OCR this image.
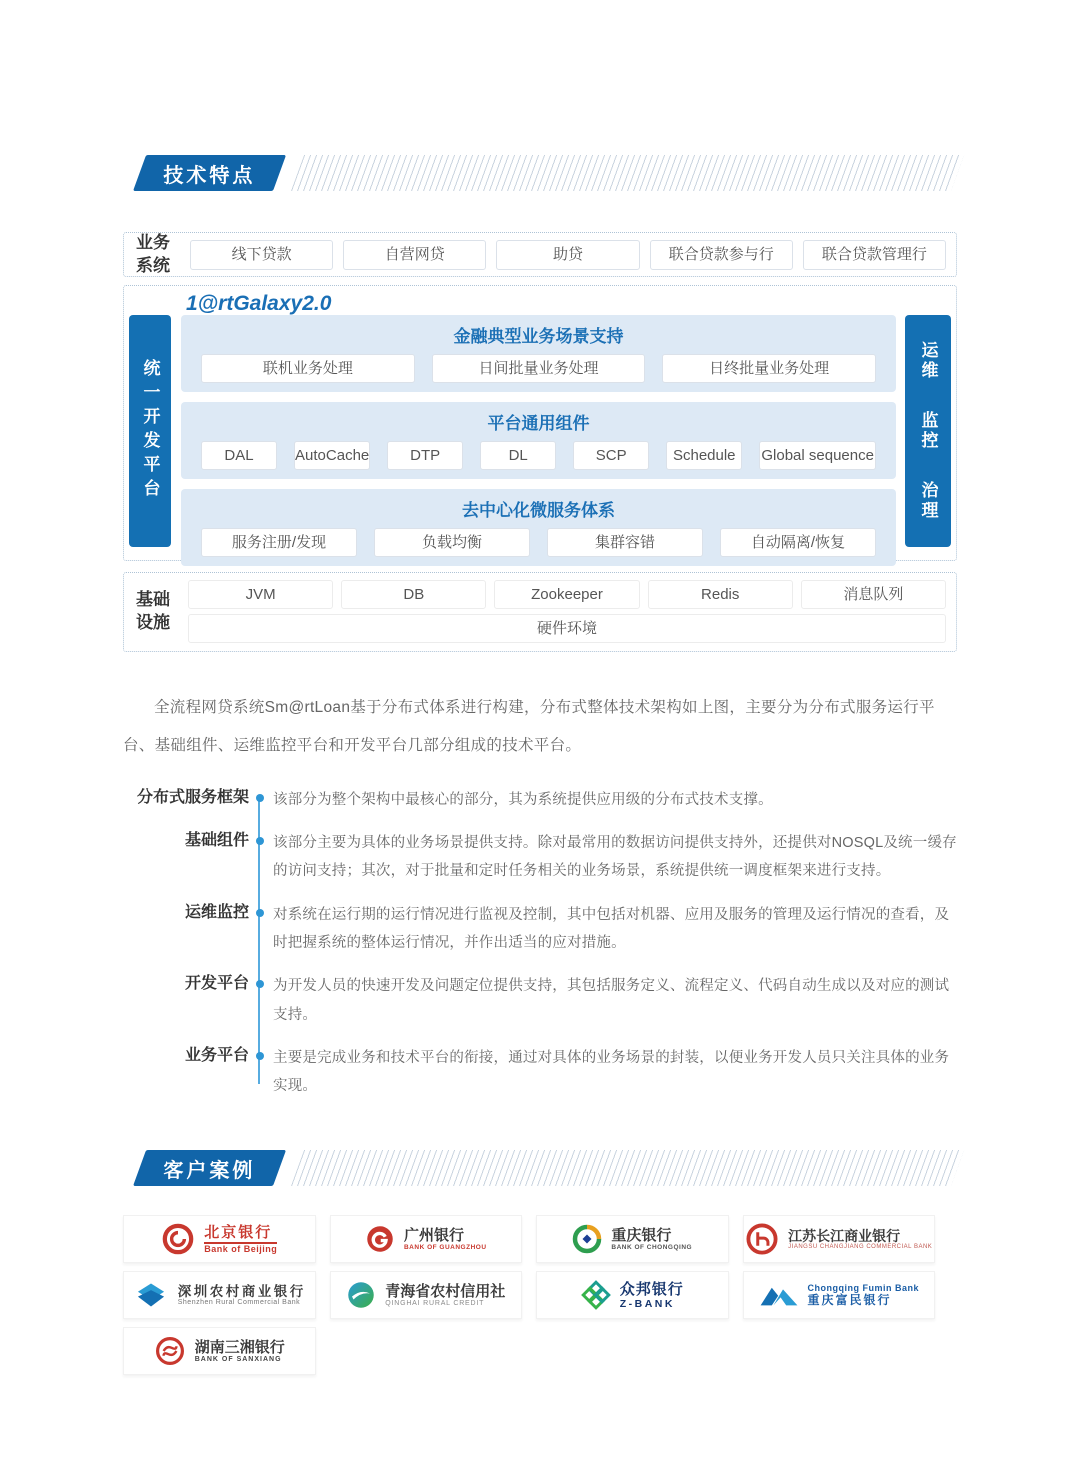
技术特点
业务系统
线下贷款	自营网贷	助贷	联合贷款参与行	联合贷款管理行
1@rtGalaxy2.0
统一开发平台
金融典型业务场景支持
联机业务处理	日间批量业务处理	日终批量业务处理
平台通用组件
DAL	AutoCache	DTP	DL	SCP	Schedule	Global sequence
去中心化微服务体系
服务注册/发现	负载均衡	集群容错	自动隔离/恢复
运维
监控
治理
基础设施
JVM	DB	Zookeeper	Redis	消息队列
硬件环境

全流程网贷系统Sm@rtLoan基于分布式体系进行构建，分布式整体技术架构如上图，主要分为分布式服务运行平台、基础组件、运维监控平台和开发平台几部分组成的技术平台。

分布式服务框架 该部分为整个架构中最核心的部分，其为系统提供应用级的分布式技术支撑。
基础组件 该部分主要为具体的业务场景提供支持。除对最常用的数据访问提供支持外，还提供对NOSQL及统一缓存的访问支持；其次，对于批量和定时任务相关的业务场景，系统提供统一调度框架来进行支持。
运维监控 对系统在运行期的运行情况进行监视及控制，其中包括对机器、应用及服务的管理及运行情况的查看，及时把握系统的整体运行情况，并作出适当的应对措施。
开发平台 为开发人员的快速开发及问题定位提供支持，其包括服务定义、流程定义、代码自动生成以及对应的测试支持。
业务平台 主要是完成业务和技术平台的衔接，通过对具体的业务场景的封装，以便业务开发人员只关注具体的业务实现。
客户案例
北京银行
Bank of Beijing
广州银行
BANK OF GUANGZHOU
重庆银行
BANK OF CHONGQING
江苏长江商业银行
JIANGSU CHANGJIANG COMMERCIAL BANK
深圳农村商业银行
Shenzhen Rural Commercial Bank
青海省农村信用社
QINGHAI RURAL CREDIT
众邦银行
Z-BANK
Chongqing Fumin Bank
重庆富民银行
湖南三湘银行
BANK OF SANXIANG
